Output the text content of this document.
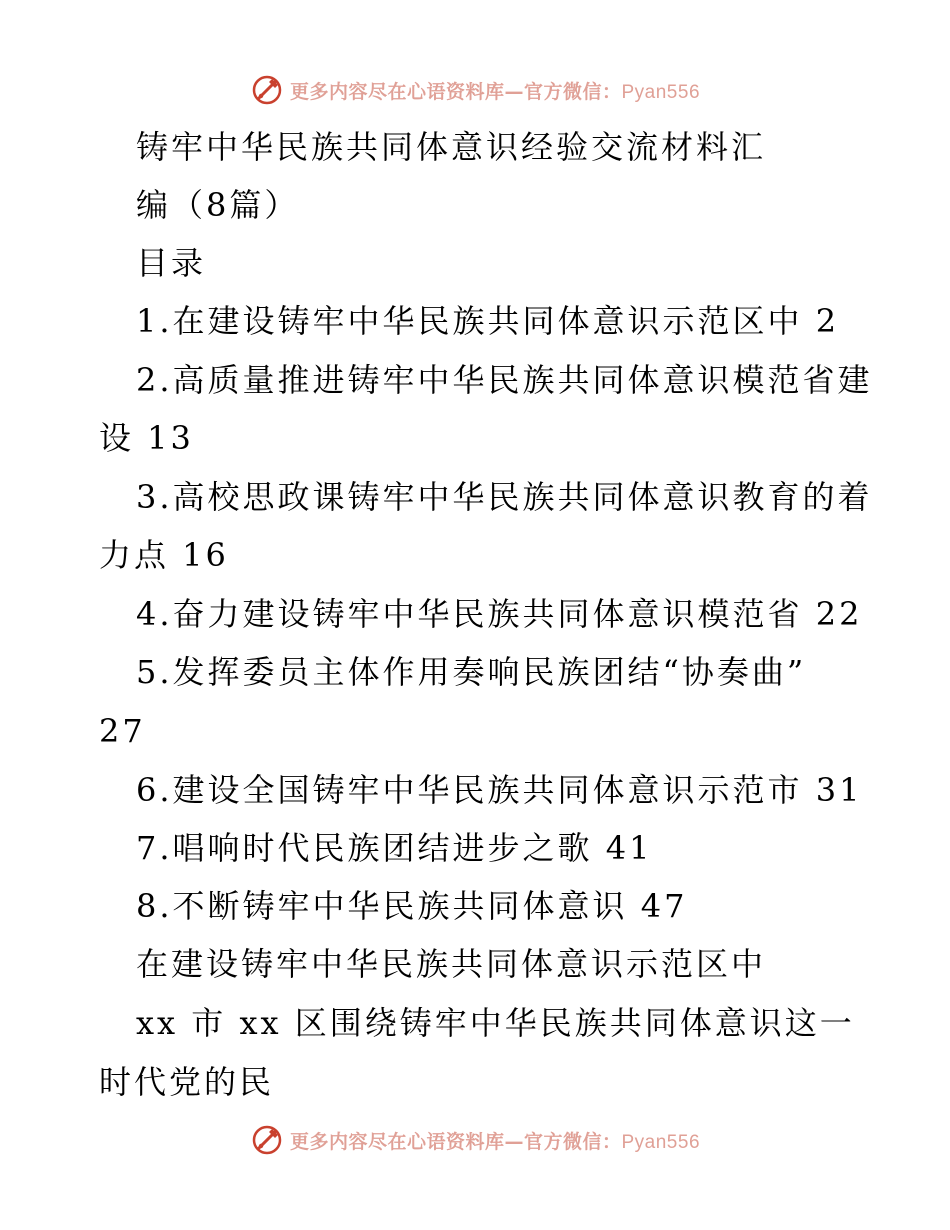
更多内容尽在心语资料库—官方微信：Pyan556
铸牢中华民族共同体意识经验交流材料汇
编（8篇）
目录
1.在建设铸牢中华民族共同体意识示范区中 2
2.高质量推进铸牢中华民族共同体意识模范省建
设 13
3.高校思政课铸牢中华民族共同体意识教育的着
力点 16
4.奋力建设铸牢中华民族共同体意识模范省 22
5.发挥委员主体作用奏响民族团结“协奏曲”
27
6.建设全国铸牢中华民族共同体意识示范市 31
7.唱响时代民族团结进步之歌 41
8.不断铸牢中华民族共同体意识 47
在建设铸牢中华民族共同体意识示范区中
xx 市 xx 区围绕铸牢中华民族共同体意识这一
时代党的民
更多内容尽在心语资料库—官方微信：Pyan556
